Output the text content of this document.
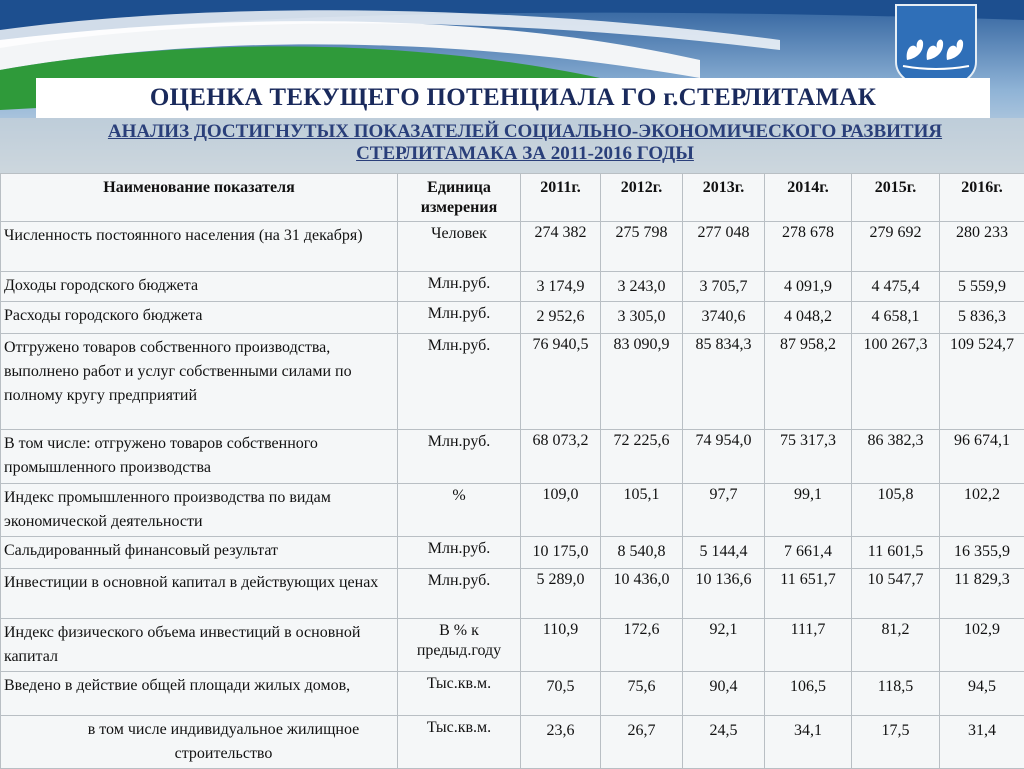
ОЦЕНКА ТЕКУЩЕГО ПОТЕНЦИАЛА ГО г.СТЕРЛИТАМАК
АНАЛИЗ ДОСТИГНУТЫХ ПОКАЗАТЕЛЕЙ СОЦИАЛЬНО-ЭКОНОМИЧЕСКОГО РАЗВИТИЯ
СТЕРЛИТАМАКА ЗА 2011-2016 ГОДЫ
Наименование показателя	Единица измерения	2011г.	2012г.	2013г.	2014г.	2015г.	2016г.
Численность постоянного населения (на 31 декабря)	Человек	274 382	275 798	277 048	278 678	279 692	280 233
Доходы городского бюджета	Млн.руб.	3 174,9	3 243,0	3 705,7	4 091,9	4 475,4	5 559,9
Расходы городского бюджета	Млн.руб.	2 952,6	3 305,0	3740,6	4 048,2	4 658,1	5 836,3
Отгружено товаров собственного производства, выполнено работ и услуг собственными силами по полному кругу предприятий	Млн.руб.	76 940,5	83 090,9	85 834,3	87 958,2	100 267,3	109 524,7
В том числе: отгружено товаров собственного промышленного производства	Млн.руб.	68 073,2	72 225,6	74 954,0	75 317,3	86 382,3	96 674,1
Индекс промышленного производства по видам экономической деятельности	%	109,0	105,1	97,7	99,1	105,8	102,2
Сальдированный финансовый результат	Млн.руб.	10 175,0	8 540,8	5 144,4	7 661,4	11 601,5	16 355,9
Инвестиции в основной капитал в действующих ценах	Млн.руб.	5 289,0	10 436,0	10 136,6	11 651,7	10 547,7	11 829,3
Индекс физического объема инвестиций в основной капитал	В % к предыд.году	110,9	172,6	92,1	111,7	81,2	102,9
Введено в действие общей площади жилых домов,	Тыс.кв.м.	70,5	75,6	90,4	106,5	118,5	94,5
в том числе индивидуальное жилищное строительство	Тыс.кв.м.	23,6	26,7	24,5	34,1	17,5	31,4
